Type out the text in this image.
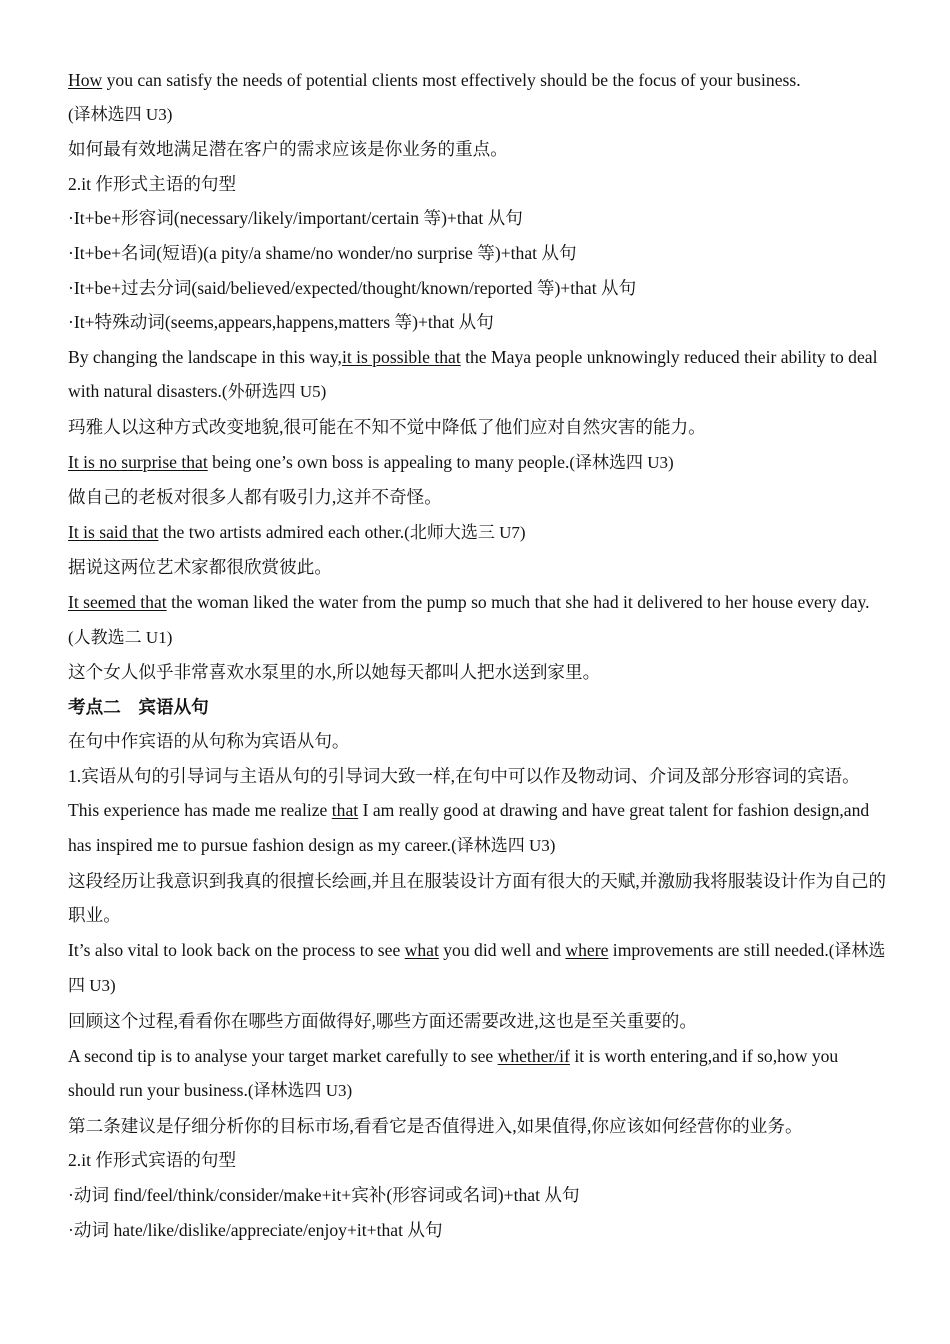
How you can satisfy the needs of potential clients most effectively should be the focus of your business.

(译林选四 U3)

如何最有效地满足潜在客户的需求应该是你业务的重点。

2.it 作形式主语的句型

·It+be+形容词(necessary/likely/important/certain 等)+that 从句

·It+be+名词(短语)(a pity/a shame/no wonder/no surprise 等)+that 从句

·It+be+过去分词(said/believed/expected/thought/known/reported 等)+that 从句

·It+特殊动词(seems,appears,happens,matters 等)+that 从句

By changing the landscape in this way,it is possible that the Maya people unknowingly reduced their ability to deal with natural disasters.(外研选四 U5)

玛雅人以这种方式改变地貌,很可能在不知不觉中降低了他们应对自然灾害的能力。

It is no surprise that being one’s own boss is appealing to many people.(译林选四 U3)

做自己的老板对很多人都有吸引力,这并不奇怪。

It is said that the two artists admired each other.(北师大选三 U7)

据说这两位艺术家都很欣赏彼此。

It seemed that the woman liked the water from the pump so much that she had it delivered to her house every day.(人教选二 U1)

这个女人似乎非常喜欢水泵里的水,所以她每天都叫人把水送到家里。

考点二　宾语从句

在句中作宾语的从句称为宾语从句。

1.宾语从句的引导词与主语从句的引导词大致一样,在句中可以作及物动词、介词及部分形容词的宾语。

This experience has made me realize that I am really good at drawing and have great talent for fashion design,and has inspired me to pursue fashion design as my career.(译林选四 U3)

这段经历让我意识到我真的很擅长绘画,并且在服装设计方面有很大的天赋,并激励我将服装设计作为自己的职业。

It’s also vital to look back on the process to see what you did well and where improvements are still needed.(译林选四 U3)

回顾这个过程,看看你在哪些方面做得好,哪些方面还需要改进,这也是至关重要的。

A second tip is to analyse your target market carefully to see whether/if it is worth entering,and if so,how you should run your business.(译林选四 U3)

第二条建议是仔细分析你的目标市场,看看它是否值得进入,如果值得,你应该如何经营你的业务。

2.it 作形式宾语的句型

·动词 find/feel/think/consider/make+it+宾补(形容词或名词)+that 从句

·动词 hate/like/dislike/appreciate/enjoy+it+that 从句
